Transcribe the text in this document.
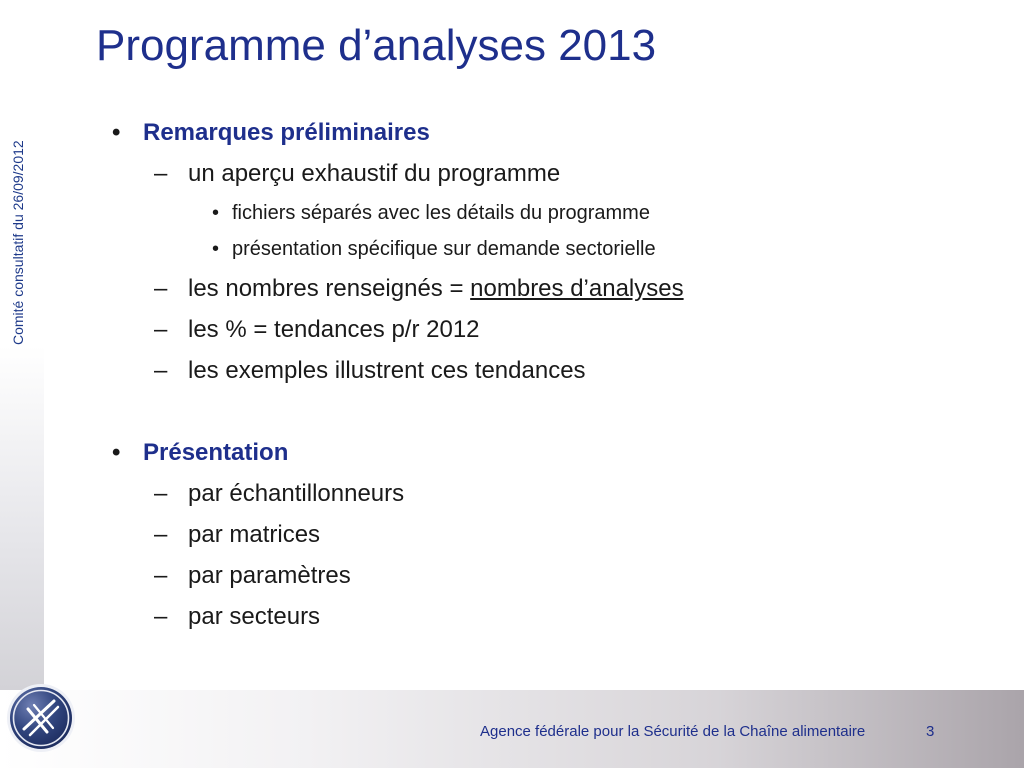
Comité consultatif du 26/09/2012
Programme d’analyses 2013
• Remarques préliminaires
– un aperçu exhaustif du programme
• fichiers séparés avec les détails du programme
• présentation spécifique sur demande sectorielle
– les nombres renseignés = nombres d’analyses
– les % = tendances p/r 2012
– les exemples illustrent ces tendances
• Présentation
– par échantillonneurs
– par matrices
– par paramètres
– par secteurs
Agence fédérale pour la Sécurité de la Chaîne alimentaire	3
